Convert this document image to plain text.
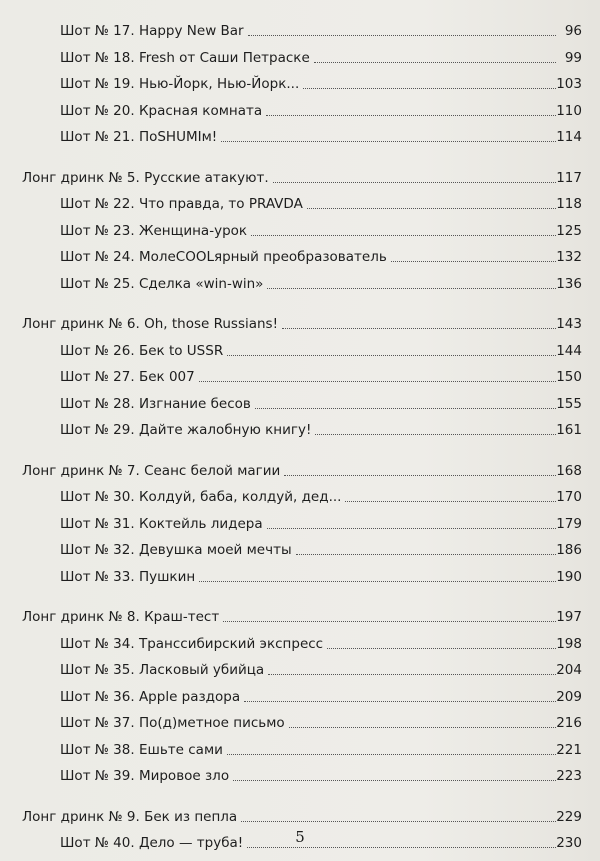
Шот № 17. Happy New Bar	96
Шот № 18. Fresh от Саши Петраске	99
Шот № 19. Нью-Йорк, Нью-Йорк...	103
Шот № 20. Красная комната	110
Шот № 21. ПоSHUMIм!	114
Лонг дринк № 5. Русские атакуют.	117
Шот № 22. Что правда, то PRAVDA	118
Шот № 23. Женщина-урок	125
Шот № 24. МолеCOOLярный преобразователь	132
Шот № 25. Сделка «win-win»	136
Лонг дринк № 6. Oh, those Russians!	143
Шот № 26. Бек to USSR	144
Шот № 27. Бек 007	150
Шот № 28. Изгнание бесов	155
Шот № 29. Дайте жалобную книгу!	161
Лонг дринк № 7. Сеанс белой магии	168
Шот № 30. Колдуй, баба, колдуй, дед...	170
Шот № 31. Коктейль лидера	179
Шот № 32. Девушка моей мечты	186
Шот № 33. Пушкин	190
Лонг дринк № 8. Краш-тест	197
Шот № 34. Транссибирский экспресс	198
Шот № 35. Ласковый убийца	204
Шот № 36. Apple раздора	209
Шот № 37. По(д)метное письмо	216
Шот № 38. Ешьте сами	221
Шот № 39. Мировое зло	223
Лонг дринк № 9. Бек из пепла	229
Шот № 40. Дело — труба!	230
5
